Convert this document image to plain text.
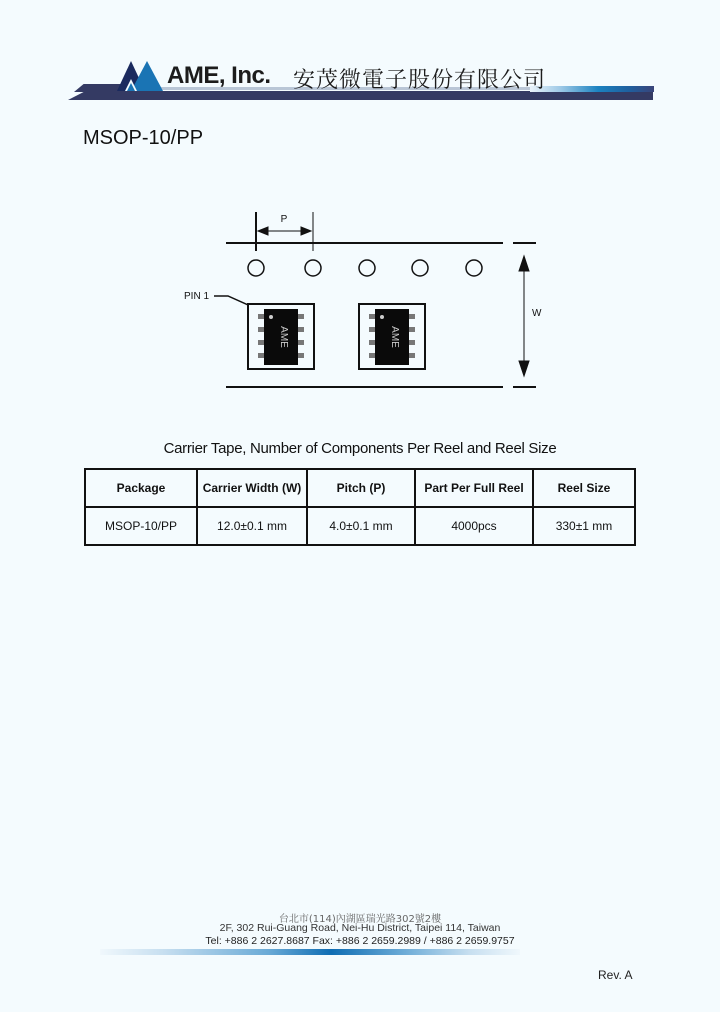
AME, Inc. 安茂微電子股份有限公司
MSOP-10/PP
P
W
PIN 1
AME	AME
Carrier Tape, Number of Components Per Reel and Reel Size
Package	Carrier Width (W)	Pitch (P)	Part Per Full Reel	Reel Size
MSOP-10/PP	12.0±0.1 mm	4.0±0.1 mm	4000pcs	330±1 mm
台北市(114)內湖區瑞光路302號2樓
2F, 302 Rui-Guang Road, Nei-Hu District, Taipei 114, Taiwan
Tel: +886 2 2627.8687 Fax: +886 2 2659.2989 / +886 2 2659.9757
Rev. A
